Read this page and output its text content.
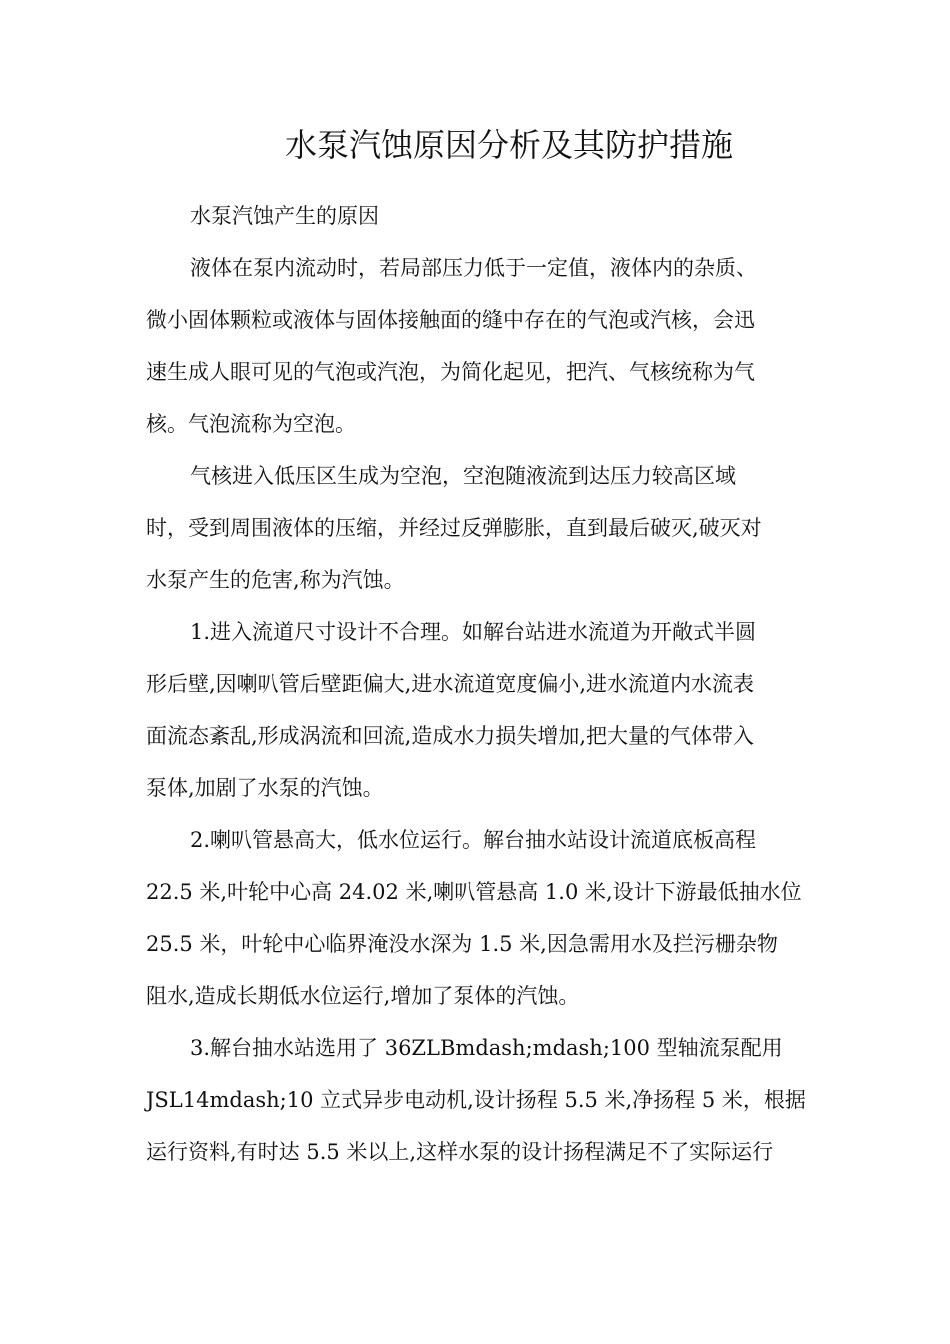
水泵汽蚀原因分析及其防护措施
水泵汽蚀产生的原因
液体在泵内流动时，若局部压力低于一定值，液体内的杂质、
微小固体颗粒或液体与固体接触面的缝中存在的气泡或汽核，会迅
速生成人眼可见的气泡或汽泡，为简化起见，把汽、气核统称为气
核。气泡流称为空泡。
气核进入低压区生成为空泡，空泡随液流到达压力较高区域
时，受到周围液体的压缩，并经过反弹膨胀，直到最后破灭,破灭对
水泵产生的危害,称为汽蚀。
1.进入流道尺寸设计不合理。如解台站进水流道为开敞式半圆
形后壁,因喇叭管后壁距偏大,进水流道宽度偏小,进水流道内水流表
面流态紊乱,形成涡流和回流,造成水力损失增加,把大量的气体带入
泵体,加剧了水泵的汽蚀。
2.喇叭管悬高大，低水位运行。解台抽水站设计流道底板高程
22.5 米,叶轮中心高 24.02 米,喇叭管悬高 1.0 米,设计下游最低抽水位
25.5 米，叶轮中心临界淹没水深为 1.5 米,因急需用水及拦污栅杂物
阻水,造成长期低水位运行,增加了泵体的汽蚀。
3.解台抽水站选用了 36ZLBmdash;mdash;100 型轴流泵配用
JSL14mdash;10 立式异步电动机,设计扬程 5.5 米,净扬程 5 米，根据
运行资料,有时达 5.5 米以上,这样水泵的设计扬程满足不了实际运行
